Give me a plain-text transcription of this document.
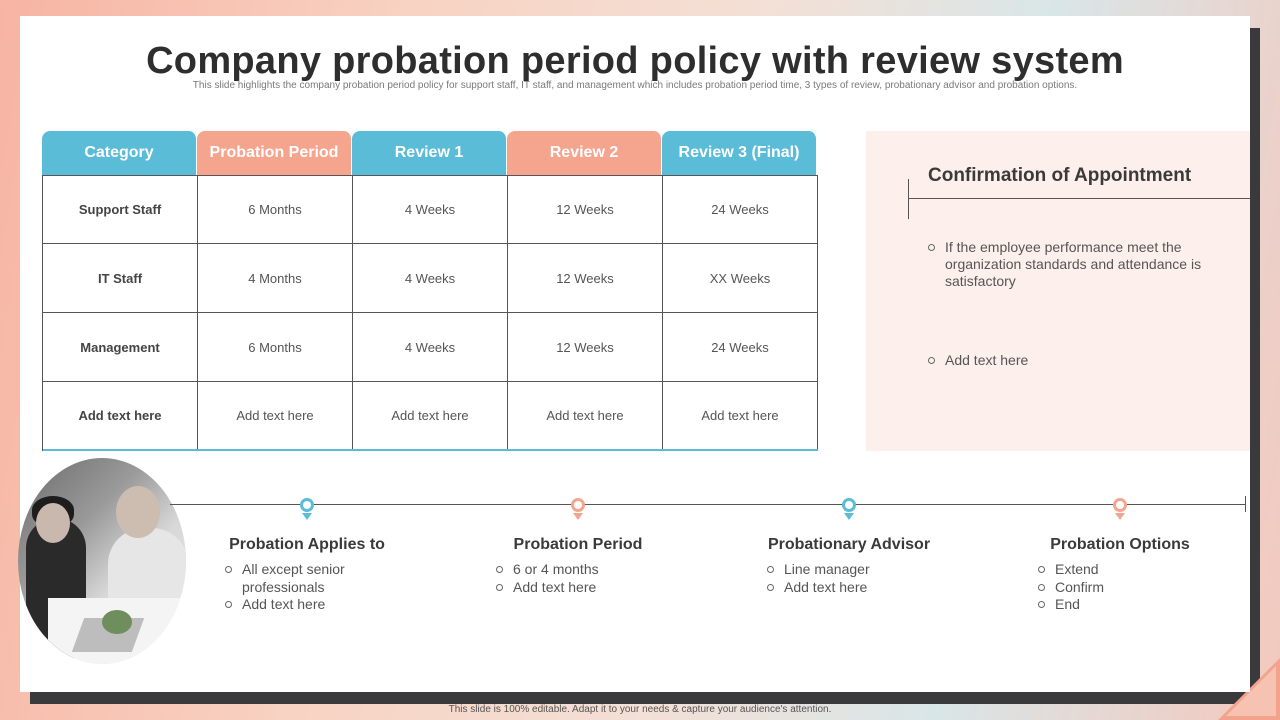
Company probation period policy with review system

This slide highlights the company probation period policy for support staff, IT staff, and management which includes probation period time, 3 types of review, probationary advisor and probation options.

Category	Probation Period	Review 1	Review 2	Review 3 (Final)
Support Staff	6 Months	4 Weeks	12 Weeks	24 Weeks
IT Staff	4 Months	4 Weeks	12 Weeks	XX Weeks
Management	6 Months	4 Weeks	12 Weeks	24 Weeks
Add text here	Add text here	Add text here	Add text here	Add text here
Confirmation of Appointment
If the employee performance meet the organization standards and attendance is satisfactory
Add text here
Probation Applies to
All except senior professionals
Add text here
Probation Period
6 or 4 months
Add text here
Probationary Advisor
Line manager
Add text here
Probation Options
Extend
Confirm
End
This slide is 100% editable. Adapt it to your needs & capture your audience's attention.
